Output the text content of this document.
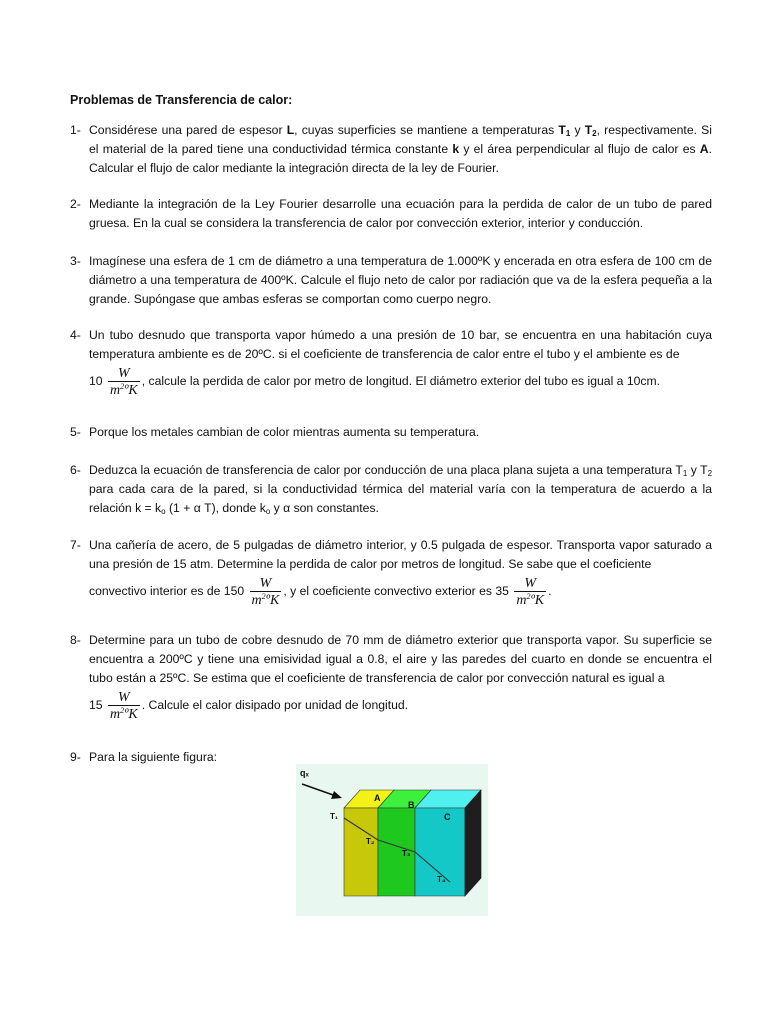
Problemas de Transferencia de calor:
1- Considérese una pared de espesor L, cuyas superficies se mantiene a temperaturas $T_1$ y $T_2$, respectivamente. Si el material de la pared tiene una conductividad térmica constante k y el área perpendicular al flujo de calor es A. Calcular el flujo de calor mediante la integración directa de la ley de Fourier.
2- Mediante la integración de la Ley Fourier desarrolle una ecuación para la perdida de calor de un tubo de pared gruesa. En la cual se considera la transferencia de calor por convección exterior, interior y conducción.
3- Imagínese una esfera de 1 cm de diámetro a una temperatura de 1.000ºK y encerada en otra esfera de 100 cm de diámetro a una temperatura de 400ºK. Calcule el flujo neto de calor por radiación que va de la esfera pequeña a la grande. Supóngase que ambas esferas se comportan como cuerpo negro.
4- Un tubo desnudo que transporta vapor húmedo a una presión de 10 bar, se encuentra en una habitación cuya temperatura ambiente es de 20ºC. si el coeficiente de transferencia de calor entre el tubo y el ambiente es de

$10 \frac{W}{m^2ºK}$ , calcule la perdida de calor por metro de longitud. El diámetro exterior del tubo es igual a 10cm.

5- Porque los metales cambian de color mientras aumenta su temperatura.
6- Deduzca la ecuación de transferencia de calor por conducción de una placa plana sujeta a una temperatura $T_1$ y $T_2$ para cada cara de la pared, si la conductividad térmica del material varía con la temperatura de acuerdo a la relación $k = k_o$ (1 + α T), donde $k_o$ y α son constantes.
7- Una cañería de acero, de 5 pulgadas de diámetro interior, y 0.5 pulgada de espesor. Transporta vapor saturado a una presión de 15 atm. Determine la perdida de calor por metros de longitud. Se sabe que el coeficiente

convectivo interior es de $150 \frac{W}{m^2ºK}$ , y el coeficiente convectivo exterior es $35 \frac{W}{m^2ºK}$ .

8- Determine para un tubo de cobre desnudo de 70 mm de diámetro exterior que transporta vapor. Su superficie se encuentra a 200ºC y tiene una emisividad igual a 0.8, el aire y las paredes del cuarto en donde se encuentra el tubo están a 25ºC. Se estima que el coeficiente de transferencia de calor por convección natural es igual a

$15 \frac{W}{m^2ºK}$ . Calcule el calor disipado por unidad de longitud.

9- Para la siguiente figura:
qₓ
A
B
C
T₁
T₂
T₃
T₄
